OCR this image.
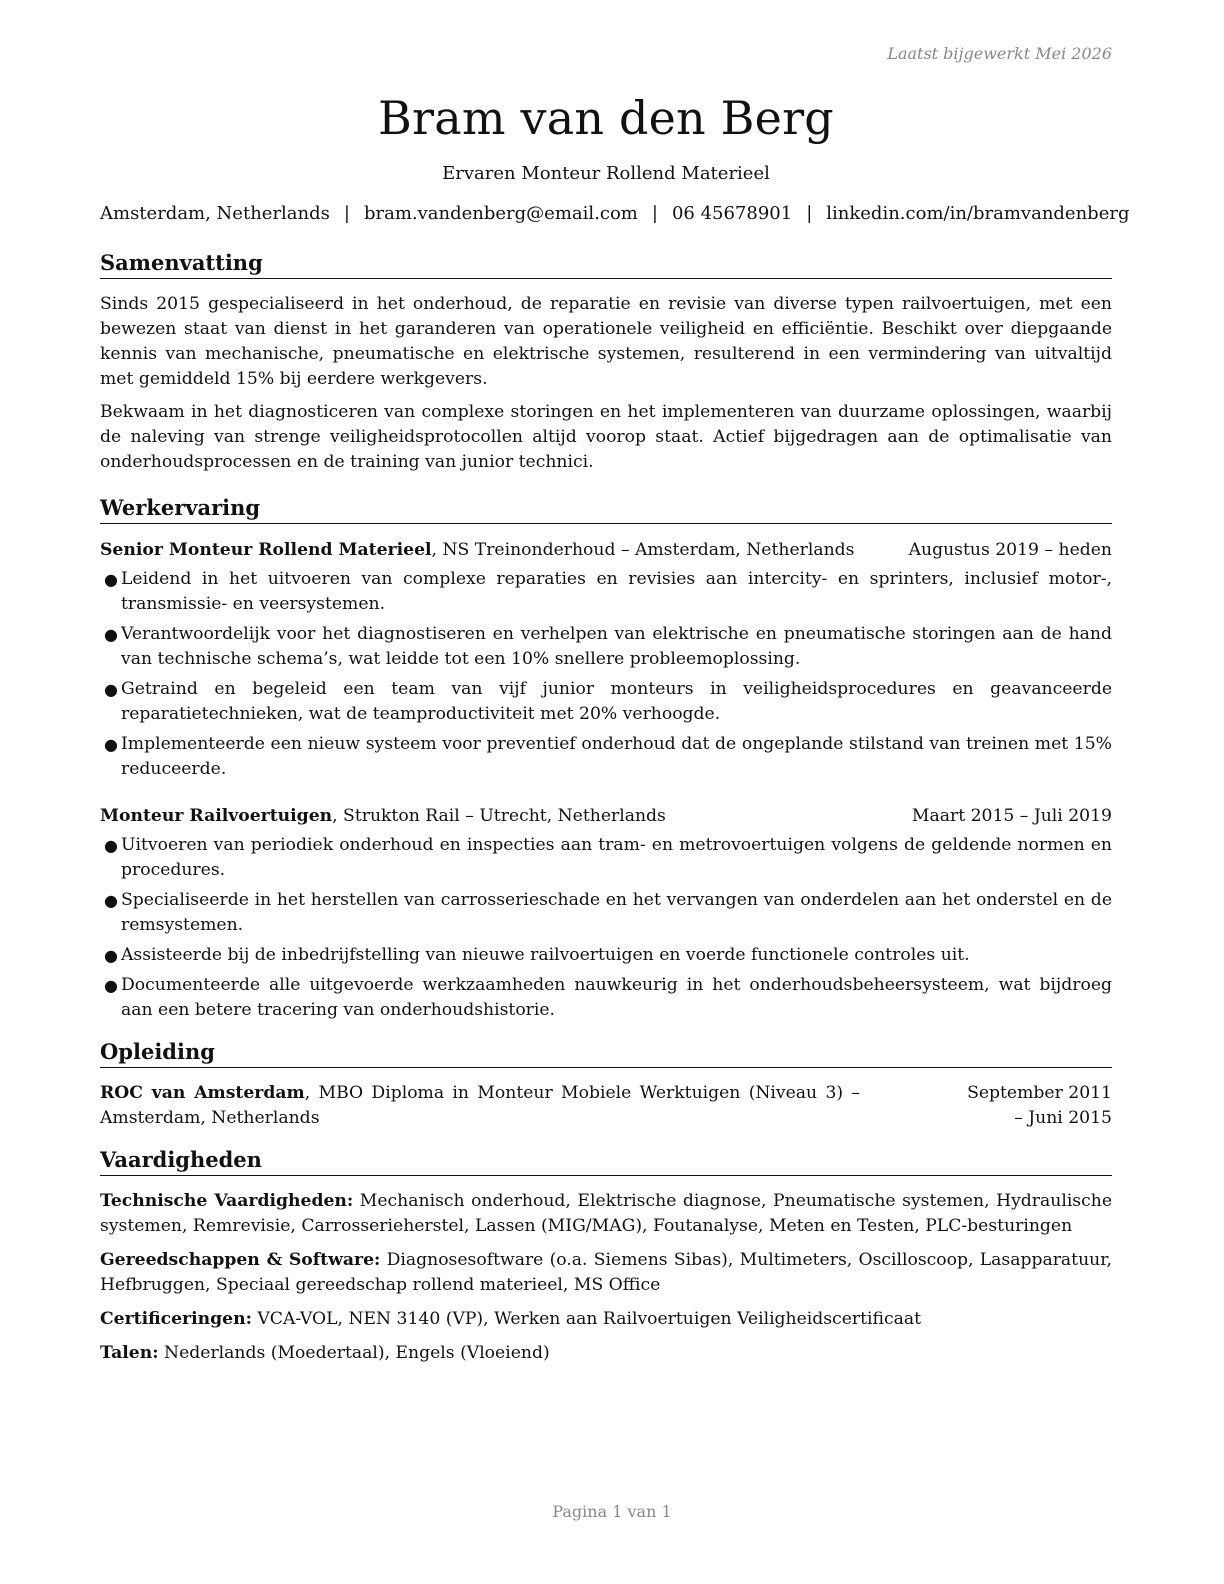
Laatst bijgewerkt Mei 2026
Bram van den Berg
Ervaren Monteur Rollend Materieel
Amsterdam, Netherlands | bram.vandenberg@email.com | 06 45678901 | linkedin.com/in/bramvandenberg
Samenvatting

Sinds 2015 gespecialiseerd in het onderhoud, de reparatie en revisie van diverse typen railvoertuigen, met een bewezen staat van dienst in het garanderen van operationele veiligheid en efficiëntie. Beschikt over diepgaande kennis van mechanische, pneumatische en elektrische systemen, resulterend in een vermindering van uitvaltijd met gemiddeld 15% bij eerdere werkgevers.

Bekwaam in het diagnosticeren van complexe storingen en het implementeren van duurzame oplossingen, waarbij de naleving van strenge veiligheidsprotocollen altijd voorop staat. Actief bijgedragen aan de optimalisatie van onderhoudsprocessen en de training van junior technici.

Werkervaring
Senior Monteur Rollend Materieel, NS Treinonderhoud – Amsterdam, Netherlands	Augustus 2019 – heden
● Leidend in het uitvoeren van complexe reparaties en revisies aan intercity- en sprinters, inclusief motor-, transmissie- en veersystemen.
● Verantwoordelijk voor het diagnostiseren en verhelpen van elektrische en pneumatische storingen aan de hand van technische schema’s, wat leidde tot een 10% snellere probleemoplossing.
● Getraind en begeleid een team van vijf junior monteurs in veiligheidsprocedures en geavanceerde reparatietechnieken, wat de teamproductiviteit met 20% verhoogde.
● Implementeerde een nieuw systeem voor preventief onderhoud dat de ongeplande stilstand van treinen met 15% reduceerde.
Monteur Railvoertuigen, Strukton Rail – Utrecht, Netherlands	Maart 2015 – Juli 2019
● Uitvoeren van periodiek onderhoud en inspecties aan tram- en metrovoertuigen volgens de geldende normen en procedures.
● Specialiseerde in het herstellen van carrosserieschade en het vervangen van onderdelen aan het onderstel en de remsystemen.
● Assisteerde bij de inbedrijfstelling van nieuwe railvoertuigen en voerde functionele controles uit.
● Documenteerde alle uitgevoerde werkzaamheden nauwkeurig in het onderhoudsbeheersysteem, wat bijdroeg aan een betere tracering van onderhoudshistorie.
Opleiding
ROC van Amsterdam, MBO Diploma in Monteur Mobiele Werktuigen (Niveau 3) – Amsterdam, Netherlands
September 2011 – Juni 2015
Vaardigheden

Technische Vaardigheden: Mechanisch onderhoud, Elektrische diagnose, Pneumatische systemen, Hydraulische systemen, Remrevisie, Carrosserieherstel, Lassen (MIG/MAG), Foutanalyse, Meten en Testen, PLC-besturingen

Gereedschappen & Software: Diagnosesoftware (o.a. Siemens Sibas), Multimeters, Oscilloscoop, Lasapparatuur, Hefbruggen, Speciaal gereedschap rollend materieel, MS Office

Certificeringen: VCA-VOL, NEN 3140 (VP), Werken aan Railvoertuigen Veiligheidscertificaat

Talen: Nederlands (Moedertaal), Engels (Vloeiend)

Pagina 1 van 1
